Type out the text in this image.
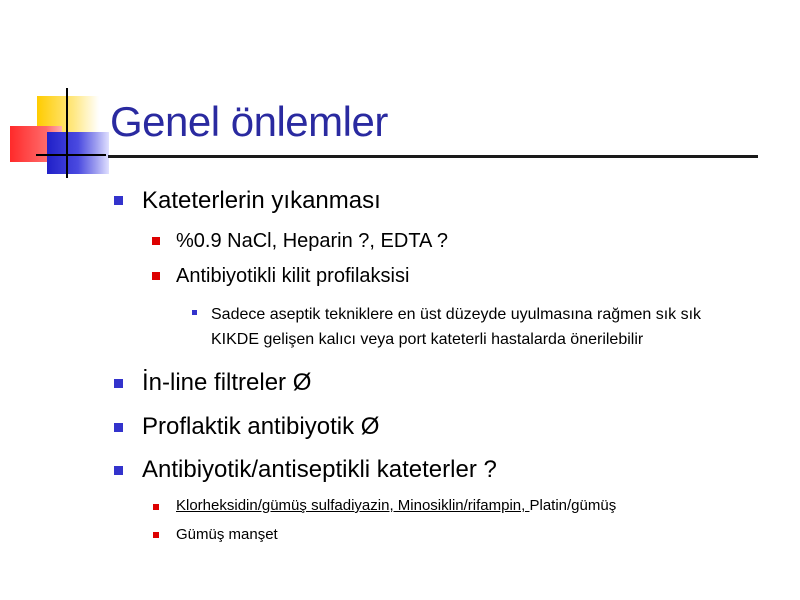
Genel önlemler
Kateterlerin yıkanması
%0.9 NaCl, Heparin ?, EDTA ?
Antibiyotikli kilit profilaksisi
Sadece aseptik tekniklere en üst düzeyde uyulmasına rağmen sık sık
KIKDE gelişen kalıcı veya port kateterli hastalarda önerilebilir
İn-line filtreler Ø
Proflaktik antibiyotik Ø
Antibiyotik/antiseptikli kateterler ?
Klorheksidin/gümüş sulfadiyazin, Minosiklin/rifampin, Platin/gümüş
Gümüş manşet
